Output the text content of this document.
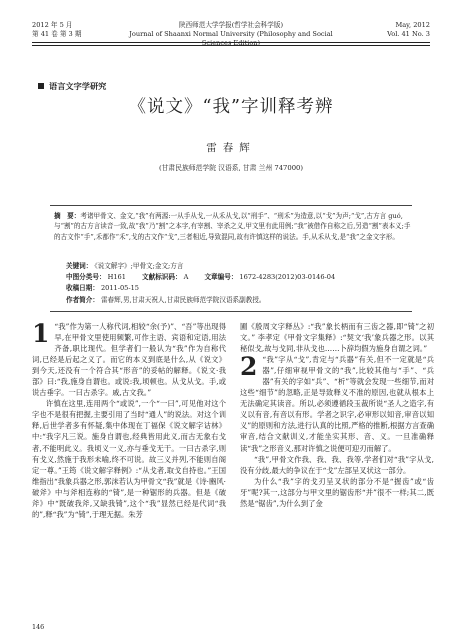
2012 年 5 月
第 41 卷 第 3 期
陕西师范大学学报(哲学社会科学版)
Journal of Shaanxi Normal University (Philosophy and Social Sciences Edition)
May, 2012
Vol. 41 No. 3
语言文字学研究
《说文》“我”字训释考辨
雷春辉
(甘肃民族师范学院 汉语系, 甘肃 兰州 747000)

摘　要：考诸甲骨文、金文,“我”有两源:一从手从戈,一从禾从戈,以“刑手”、“刑禾”为造意,以“戈”为声;“戈”,古方言 guó,与“割”的古方言读音一致,故“我”乃“割”之本字,有宰割、宰杀之义,甲文里有此用例;“我”被借作自称之后,另造“割”表本义;手的古文作“手”,禾都作“禾”,戈的古文作“戈”,三者相近,导致混同,故有许慎这样的说法。手,从禾从戈,是“我”之金文字形。

关键词： 《说文解字》;甲骨文;金文;方言
中图分类号： H161 文献标识码： A 文章编号： 1672-4283(2012)03-0146-04
收稿日期： 2011-05-15
作者简介： 雷春辉,男,甘肃天祝人,甘肃民族师范学院汉语系副教授。

1 “我”作为第一人称代词,相较“余(予)”、“吾”等出现得早,在甲骨文里使用频繁,可作主语、宾语和定语,用法齐备,职比现代。但学者们一般认为“我”作为自称代词,已经是后起之义了。而它的本义到底是什么,从《说文》到今天,还没有一个符合其“形音”的妥帖的解释。《说文·我部》曰:“我,施身自谓也。或说:我,顷顿也。从戈从戈。手,或说古垂字。一曰古杀字。戚,古文我。”

许慎在这里,连用两个“或说”,一个“一曰”,可见他对这个字也不是很有把握,主要引用了当时“通人”的说法。对这个训释,后世学者多有怀疑,集中体现在丁福保《说文解字诂林》中:“我字凡三说。施身自谓也,经典皆用此义,而古无象右戈者,不能明此义。我顷义一义,亦与垂戈无干。一曰古杀字,则有戈义,然施于我形未喻,终不可说。故三义并列,不能则自阁定一尊。”王筠《说文解字释例》:“从戈者,取戈自持也。”王国维指出“我象兵器之形,郭沫若认为甲骨文“我”就是《诗·豳风·破斧》中与斧相连称的“锜”,是一种锯形的兵器。但是《破斧》中“既破我斧,又缺我锜”,这个“我”显然已经是代词“我的”,释“我”为“锜”,于理无据。朱芳

圃《殷周文字释丛》:“我”象长柄而有三齿之器,即“锜”之初文。” 李孝定《甲骨文字集释》:“契文‘我’象兵器之形。以其秘似戈,故与戈同,非从戈也……卜辞均假为施身自谓之词。”

2 “我”字从“戈”,肯定与“兵器”有关,但不一定就是“兵器”,仔细审视甲骨文的“我”,比较其他与“手”、“兵器”有关的字如“兵”、“析”等就会发现一些细节,而对这些“细节”的忽略,正是导致释义不准的原因,也就从根本上无法确定其读音。所以,必须遵循段玉裁所说“圣人之造字,有义以有音,有音以有形。学者之识字,必审形以知音,审音以知义”的原则和方法,进行认真的比照,严格的推断,根据方言查确审音,结合文献训义,才能坐实其形、音、义。一旦准确释读“我”之形音义,那对许慎之说便可迎刃而解了。

“我”,甲骨文作我、我、我、我等,学者们对“我”字从戈,没有分歧,最大的争议在于“戈”左部呈叉状这一部分。

为什么“我”字的戈刃呈叉状的部分不是“握齿”或“齿牙”呢?其一,这部分与甲文里的锯齿形“并”很不一样;其二,既然是“锯齿”,为什么到了金

146
